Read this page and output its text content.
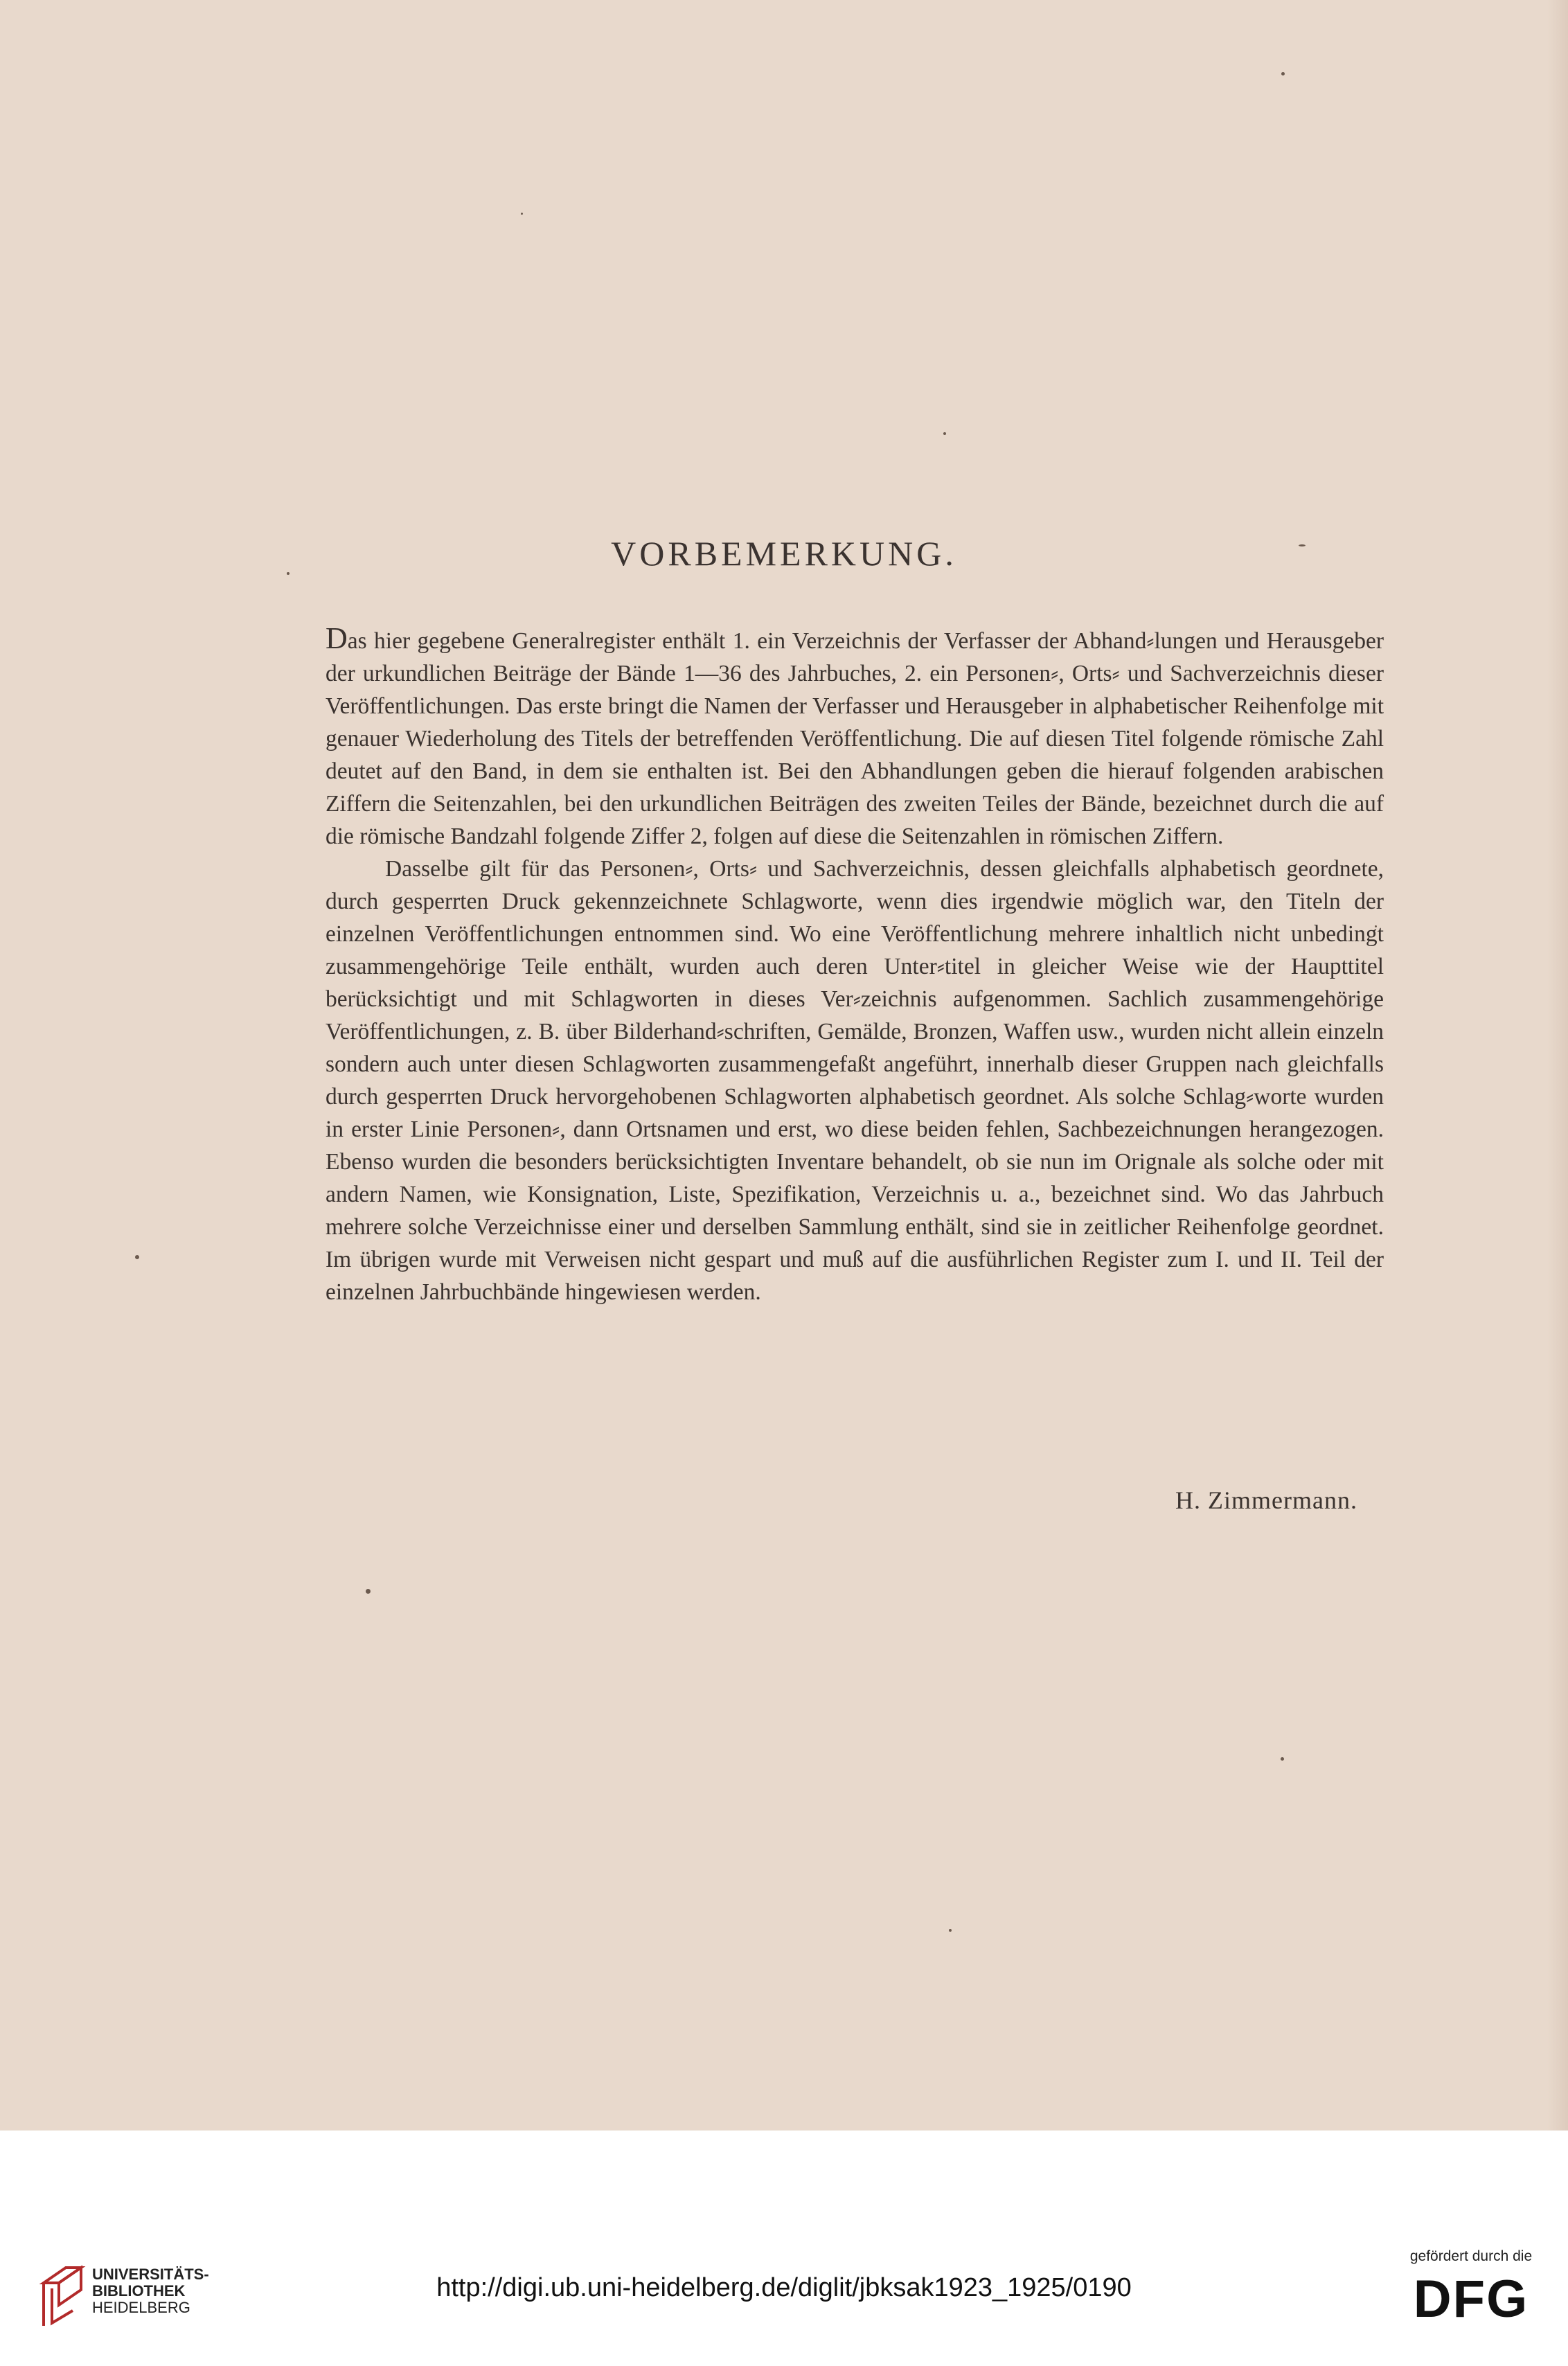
VORBEMERKUNG.

Das hier gegebene Generalregister enthält 1. ein Verzeichnis der Verfasser der Abhand⸗lungen und Herausgeber der urkundlichen Beiträge der Bände 1—36 des Jahrbuches, 2. ein Personen⸗, Orts⸗ und Sachverzeichnis dieser Veröffentlichungen. Das erste bringt die Namen der Verfasser und Herausgeber in alphabetischer Reihenfolge mit genauer Wiederholung des Titels der betreffenden Veröffentlichung. Die auf diesen Titel folgende römische Zahl deutet auf den Band, in dem sie enthalten ist. Bei den Abhandlungen geben die hierauf folgenden arabischen Ziffern die Seitenzahlen, bei den urkundlichen Beiträgen des zweiten Teiles der Bände, bezeichnet durch die auf die römische Bandzahl folgende Ziffer 2, folgen auf diese die Seitenzahlen in römischen Ziffern.

Dasselbe gilt für das Personen⸗, Orts⸗ und Sachverzeichnis, dessen gleichfalls alphabetisch geordnete, durch gesperrten Druck gekennzeichnete Schlagworte, wenn dies irgendwie möglich war, den Titeln der einzelnen Veröffentlichungen entnommen sind. Wo eine Veröffentlichung mehrere inhaltlich nicht unbedingt zusammengehörige Teile enthält, wurden auch deren Unter⸗titel in gleicher Weise wie der Haupttitel berücksichtigt und mit Schlagworten in dieses Ver⸗zeichnis aufgenommen. Sachlich zusammengehörige Veröffentlichungen, z. B. über Bilderhand⸗schriften, Gemälde, Bronzen, Waffen usw., wurden nicht allein einzeln sondern auch unter diesen Schlagworten zusammengefaßt angeführt, innerhalb dieser Gruppen nach gleichfalls durch gesperrten Druck hervorgehobenen Schlagworten alphabetisch geordnet. Als solche Schlag⸗worte wurden in erster Linie Personen⸗, dann Ortsnamen und erst, wo diese beiden fehlen, Sachbezeichnungen herangezogen. Ebenso wurden die besonders berücksichtigten Inventare behandelt, ob sie nun im Orignale als solche oder mit andern Namen, wie Konsignation, Liste, Spezifikation, Verzeichnis u. a., bezeichnet sind. Wo das Jahrbuch mehrere solche Verzeichnisse einer und derselben Sammlung enthält, sind sie in zeitlicher Reihenfolge geordnet. Im übrigen wurde mit Verweisen nicht gespart und muß auf die ausführlichen Register zum I. und II. Teil der einzelnen Jahrbuchbände hingewiesen werden.

H. Zimmermann.
UNIVERSITÄTS-
BIBLIOTHEK
HEIDELBERG
http://digi.ub.uni-heidelberg.de/diglit/jbksak1923_1925/0190
gefördert durch die
DFG
